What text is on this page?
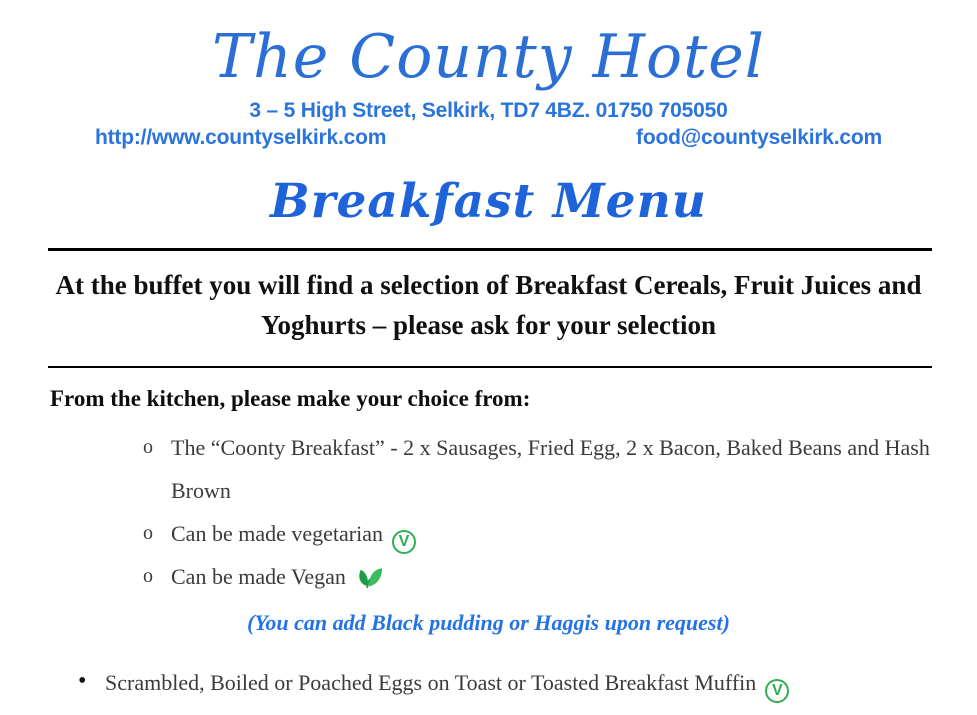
The County Hotel
3 – 5 High Street, Selkirk, TD7 4BZ. 01750 705050
http://www.countyselkirk.com	food@countyselkirk.com
Breakfast Menu
At the buffet you will find a selection of Breakfast Cereals, Fruit Juices and Yoghurts – please ask for your selection
From the kitchen, please make your choice from:
o The “Coonty Breakfast” - 2 x Sausages, Fried Egg, 2 x Bacon, Baked Beans and Hash Brown
o Can be made vegetarian V
o Can be made Vegan
(You can add Black pudding or Haggis upon request)
• Scrambled, Boiled or Poached Eggs on Toast or Toasted Breakfast Muffin V
